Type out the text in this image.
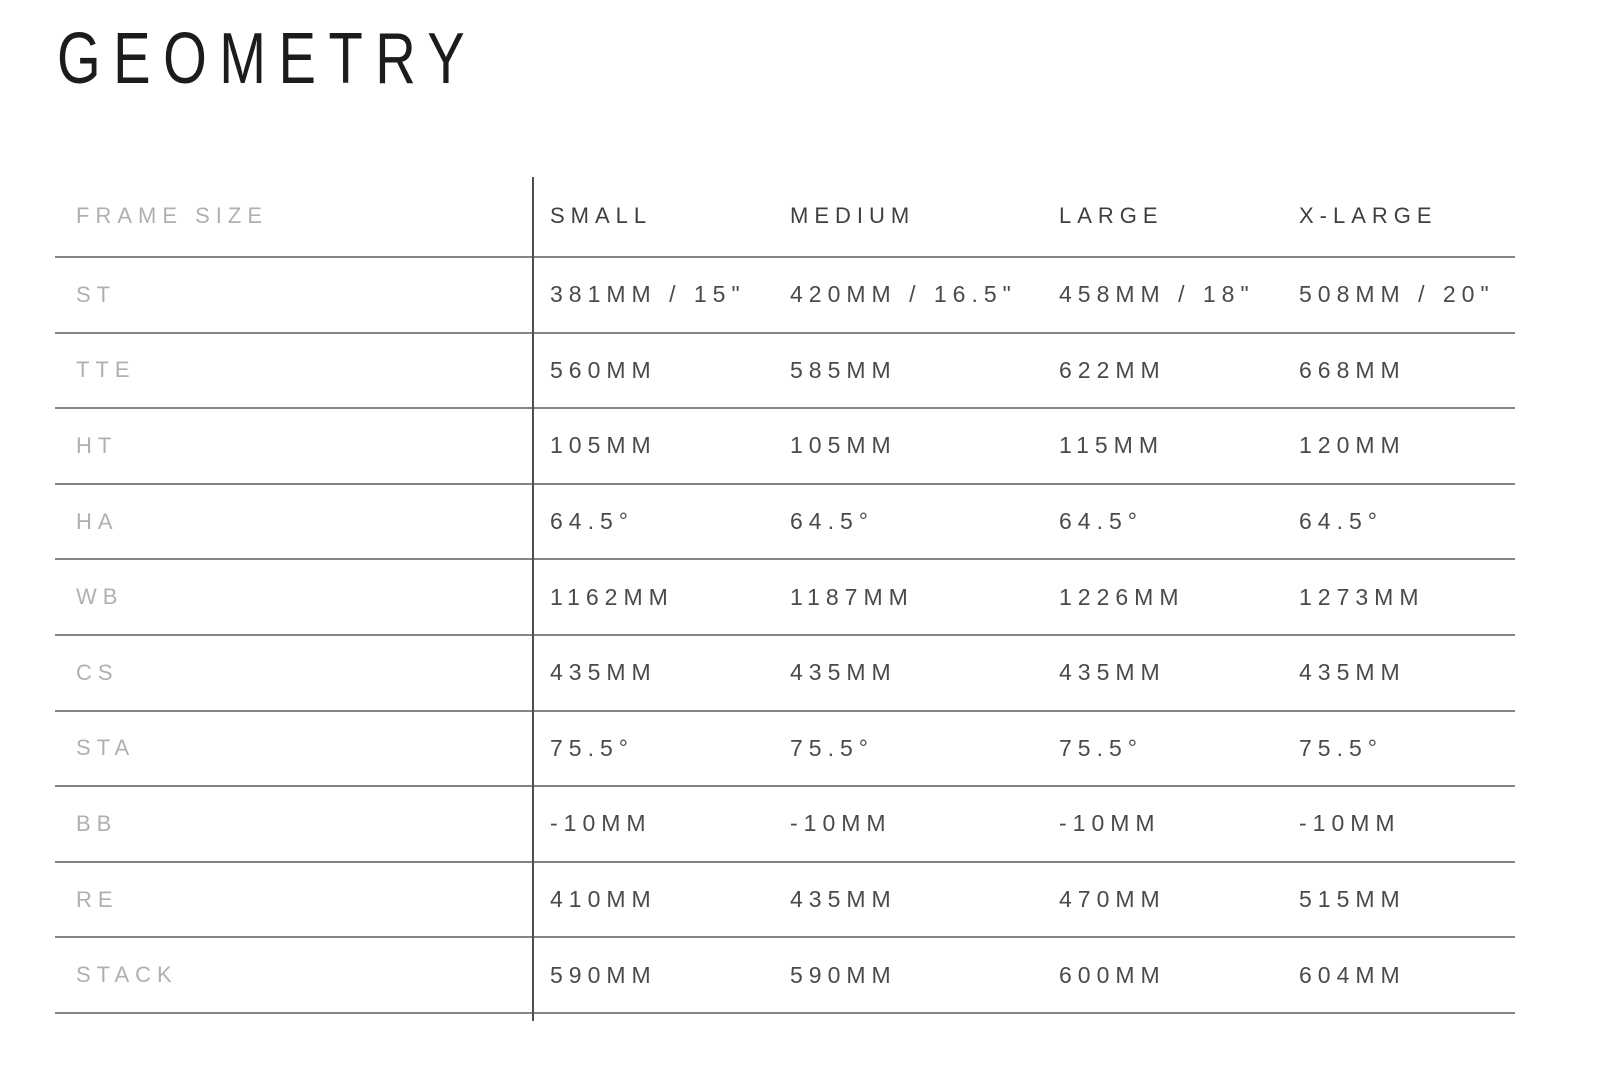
GEOMETRY
FRAME SIZE	SMALL	MEDIUM	LARGE	X-LARGE
ST	381MM / 15"	420MM / 16.5"	458MM / 18"	508MM / 20"
TTE	560MM	585MM	622MM	668MM
HT	105MM	105MM	115MM	120MM
HA	64.5°	64.5°	64.5°	64.5°
WB	1162MM	1187MM	1226MM	1273MM
CS	435MM	435MM	435MM	435MM
STA	75.5°	75.5°	75.5°	75.5°
BB	-10MM	-10MM	-10MM	-10MM
RE	410MM	435MM	470MM	515MM
STACK	590MM	590MM	600MM	604MM
